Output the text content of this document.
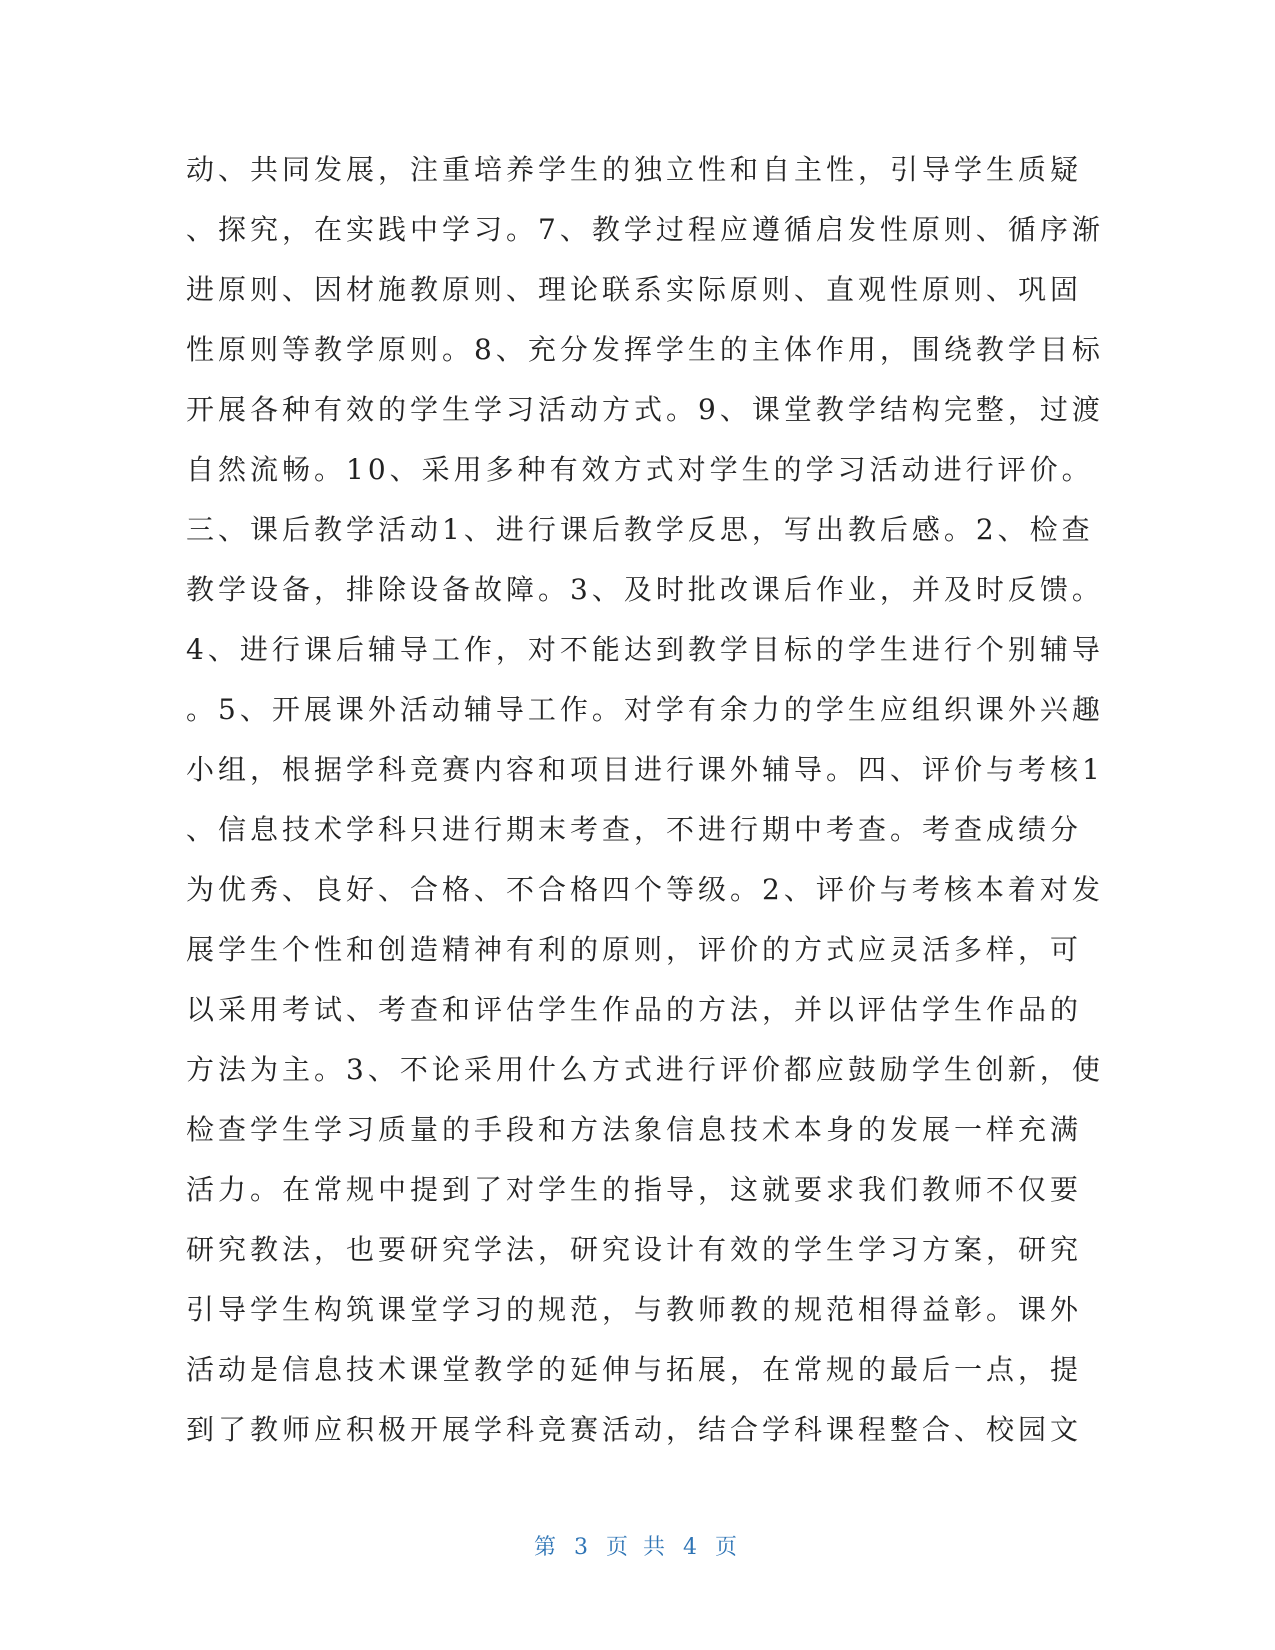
动、共同发展，注重培养学生的独立性和自主性，引导学生质疑
、探究，在实践中学习。7、教学过程应遵循启发性原则、循序渐
进原则、因材施教原则、理论联系实际原则、直观性原则、巩固
性原则等教学原则。8、充分发挥学生的主体作用，围绕教学目标
开展各种有效的学生学习活动方式。9、课堂教学结构完整，过渡
自然流畅。10、采用多种有效方式对学生的学习活动进行评价。
三、课后教学活动1、进行课后教学反思，写出教后感。2、检查
教学设备，排除设备故障。3、及时批改课后作业，并及时反馈。
4、进行课后辅导工作，对不能达到教学目标的学生进行个别辅导
。5、开展课外活动辅导工作。对学有余力的学生应组织课外兴趣
小组，根据学科竞赛内容和项目进行课外辅导。四、评价与考核1
、信息技术学科只进行期末考查，不进行期中考查。考查成绩分
为优秀、良好、合格、不合格四个等级。2、评价与考核本着对发
展学生个性和创造精神有利的原则，评价的方式应灵活多样，可
以采用考试、考查和评估学生作品的方法，并以评估学生作品的
方法为主。3、不论采用什么方式进行评价都应鼓励学生创新，使
检查学生学习质量的手段和方法象信息技术本身的发展一样充满
活力。在常规中提到了对学生的指导，这就要求我们教师不仅要
研究教法，也要研究学法，研究设计有效的学生学习方案，研究
引导学生构筑课堂学习的规范，与教师教的规范相得益彰。课外
活动是信息技术课堂教学的延伸与拓展，在常规的最后一点，提
到了教师应积极开展学科竞赛活动，结合学科课程整合、校园文
第 3 页 共 4 页
